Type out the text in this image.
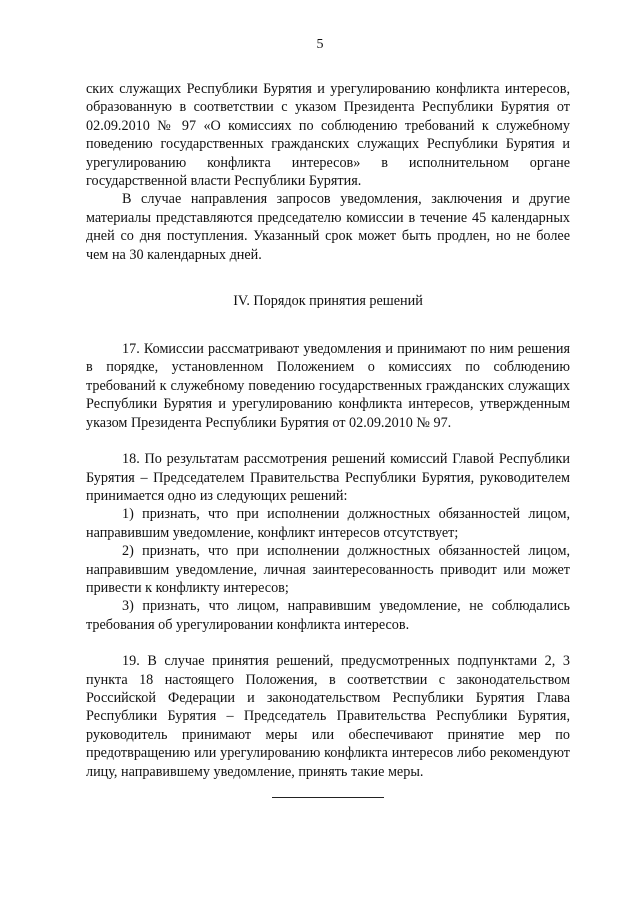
5

ских служащих Республики Бурятия и урегулированию конфликта интересов, образованную в соответствии с указом Президента Республики Бурятия от 02.09.2010 № 97 «О комиссиях по соблюдению требований к служебному поведению государственных гражданских служащих Республики Бурятия и урегулированию конфликта интересов» в исполнительном органе государственной власти Республики Бурятия.

В случае направления запросов уведомления, заключения и другие материалы представляются председателю комиссии в течение 45 календарных дней со дня поступления. Указанный срок может быть продлен, но не более чем на 30 календарных дней.

IV. Порядок принятия решений

17. Комиссии рассматривают уведомления и принимают по ним решения в порядке, установленном Положением о комиссиях по соблюдению требований к служебному поведению государственных гражданских служащих Республики Бурятия и урегулированию конфликта интересов, утвержденным указом Президента Республики Бурятия от 02.09.2010 № 97.

18. По результатам рассмотрения решений комиссий Главой Республики Бурятия – Председателем Правительства Республики Бурятия, руководителем принимается одно из следующих решений:

1) признать, что при исполнении должностных обязанностей лицом, направившим уведомление, конфликт интересов отсутствует;

2) признать, что при исполнении должностных обязанностей лицом, направившим уведомление, личная заинтересованность приводит или может привести к конфликту интересов;

3) признать, что лицом, направившим уведомление, не соблюдались требования об урегулировании конфликта интересов.

19. В случае принятия решений, предусмотренных подпунктами 2, 3 пункта 18 настоящего Положения, в соответствии с законодательством Российской Федерации и законодательством Республики Бурятия Глава Республики Бурятия – Председатель Правительства Республики Бурятия, руководитель принимают меры или обеспечивают принятие мер по предотвращению или урегулированию конфликта интересов либо рекомендуют лицу, направившему уведомление, принять такие меры.
